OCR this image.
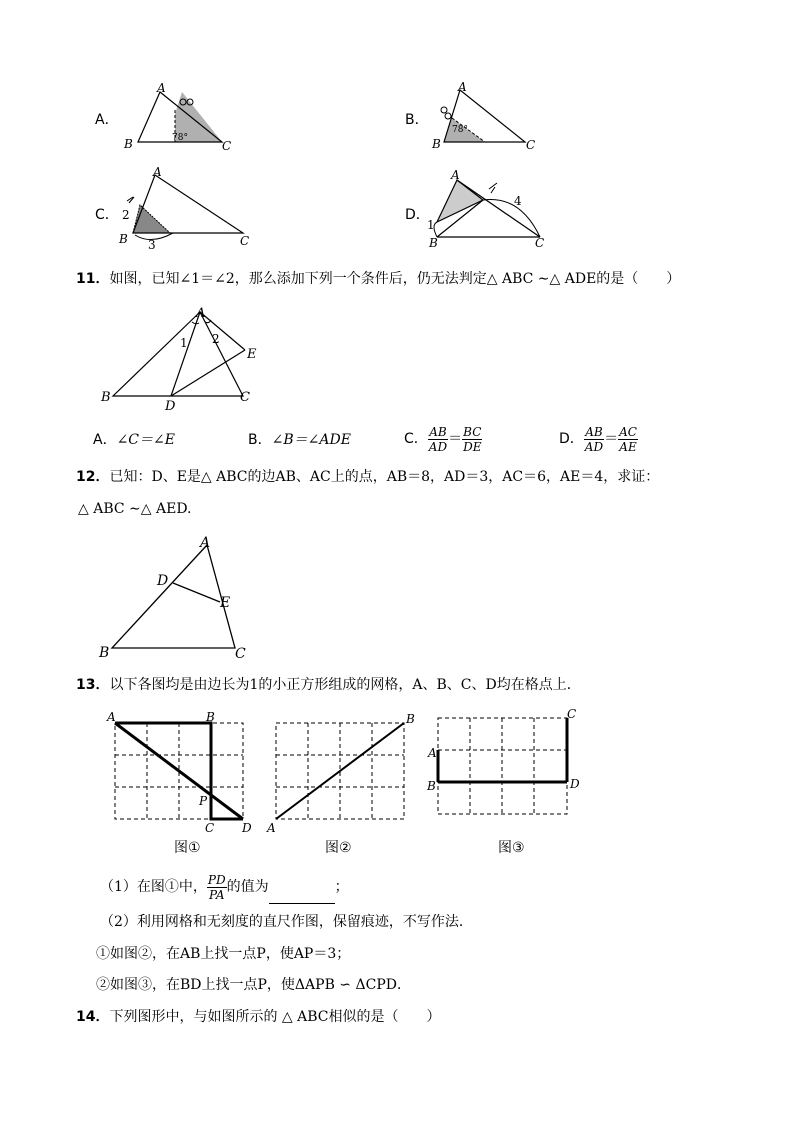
A．
A
B	C
78°
B．
A
B	C
78°
C．
A
B	C
2
3
D．
A
B	C
1
4
11．如图，已知∠1＝∠2，那么添加下列一个条件后，仍无法判定△ ABC ∼△ ADE的是（　　）
A
B	C
D
E
1 2
A．∠C＝∠E	B．∠B＝∠ADE	C． $\frac{AB}{AD} = \frac{BC}{DE}$	D． $\frac{AB}{AD} = \frac{AC}{AE}$
12．已知：D、E是△ ABC的边AB、AC上的点，AB＝8，AD＝3，AC＝6，AE＝4，求证：
△ ABC ∼△ AED.
A
B	C
D
E
13．以下各图均是由边长为1的小正方形组成的网格，A、B、C、D均在格点上．
A	B
C D
P
图①
A
B
图②
A
B
C
D
图③
（1）在图①中， $\frac{PD}{PA}$ 的值为	；
（2）利用网格和无刻度的直尺作图，保留痕迹，不写作法．
①如图②，在AB上找一点P，使AP＝3；
②如图③，在BD上找一点P，使ΔAPB ∽ ΔCPD．
14．下列图形中，与如图所示的 △ ABC相似的是（　　）
